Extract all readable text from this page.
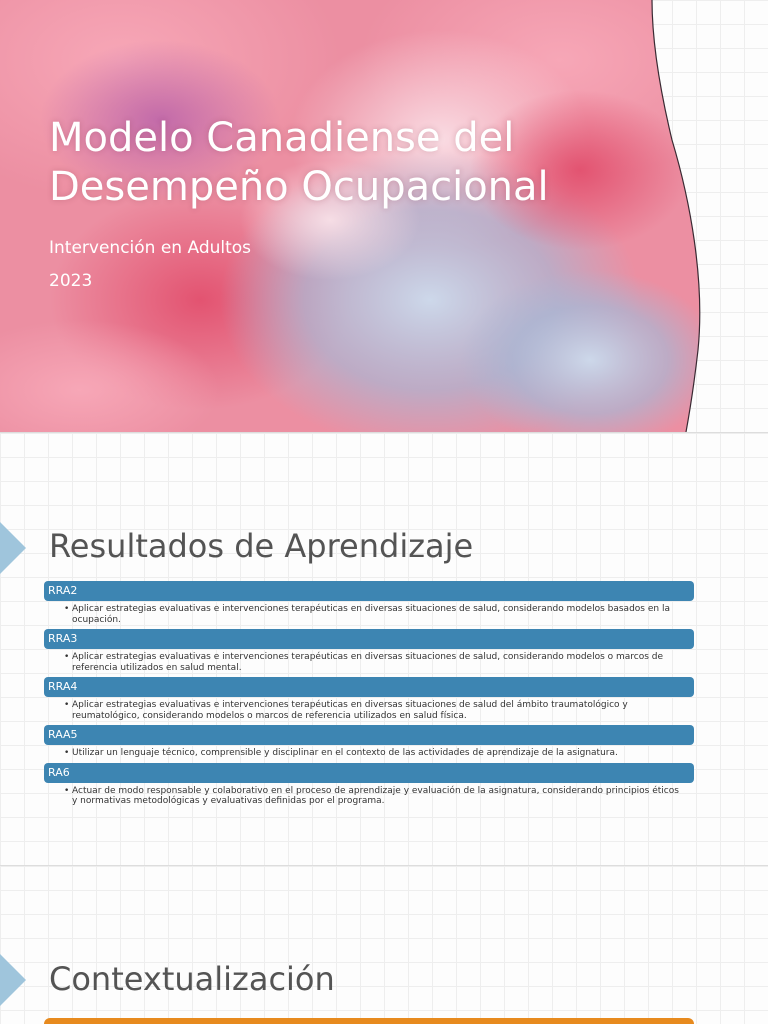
Modelo Canadiense del
Desempeño Ocupacional

Intervención en Adultos

2023

Resultados de Aprendizaje
RRA2
• Aplicar estrategias evaluativas e intervenciones terapéuticas en diversas situaciones de salud, considerando modelos basados en la ocupación.
RRA3
• Aplicar estrategias evaluativas e intervenciones terapéuticas en diversas situaciones de salud, considerando modelos o marcos de referencia utilizados en salud mental.
RRA4
• Aplicar estrategias evaluativas e intervenciones terapéuticas en diversas situaciones de salud del ámbito traumatológico y reumatológico, considerando modelos o marcos de referencia utilizados en salud física.
RAA5
• Utilizar un lenguaje técnico, comprensible y disciplinar en el contexto de las actividades de aprendizaje de la asignatura.
RA6
• Actuar de modo responsable y colaborativo en el proceso de aprendizaje y evaluación de la asignatura, considerando principios éticos y normativas metodológicas y evaluativas definidas por el programa.
Contextualización
